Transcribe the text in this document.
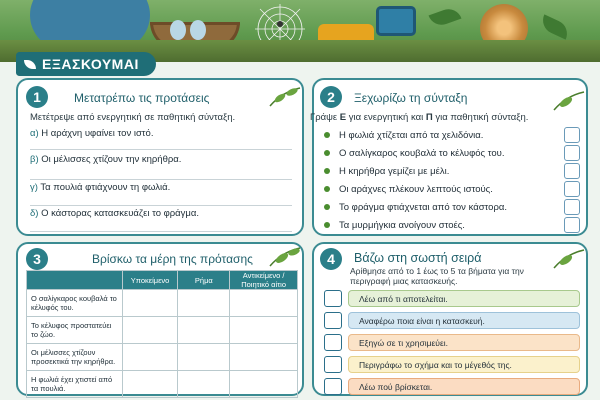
ΕΞΑΣΚΟΥΜΑΙ
1	Μετατρέπω τις προτάσεις
Μετέτρεψε από ενεργητική σε παθητική σύνταξη.
α) Η αράχνη υφαίνει τον ιστό.
β) Οι μέλισσες χτίζουν την κηρήθρα.
γ) Τα πουλιά φτιάχνουν τη φωλιά.
δ) Ο κάστορας κατασκευάζει το φράγμα.
2	Ξεχωρίζω τη σύνταξη
Γράψε Ε για ενεργητική και Π για παθητική σύνταξη.
Η φωλιά χτίζεται από τα χελιδόνια.
Ο σαλίγκαρος κουβαλά το κέλυφός του.
Η κηρήθρα γεμίζει με μέλι.
Οι αράχνες πλέκουν λεπτούς ιστούς.
Το φράγμα φτιάχνεται από τον κάστορα.
Τα μυρμήγκια ανοίγουν στοές.
3	Βρίσκω τα μέρη της πρότασης
	Υποκείμενο	Ρήμα	Αντικείμενο / Ποιητικό αίτιο
Ο σαλίγκαρος κουβαλά το κέλυφός του.			
Το κέλυφος προστατεύει το ζώο.			
Οι μέλισσες χτίζουν προσεκτικά την κηρήθρα.			
Η φωλιά έχει χτιστεί από τα πουλιά.			
4	Βάζω στη σωστή σειρά
Αρίθμησε από το 1 έως το 5 τα βήματα για την περιγραφή μιας κατασκευής.
Λέω από τι αποτελείται.
Αναφέρω ποια είναι η κατασκευή.
Εξηγώ σε τι χρησιμεύει.
Περιγράφω το σχήμα και το μέγεθός της.
Λέω πού βρίσκεται.
